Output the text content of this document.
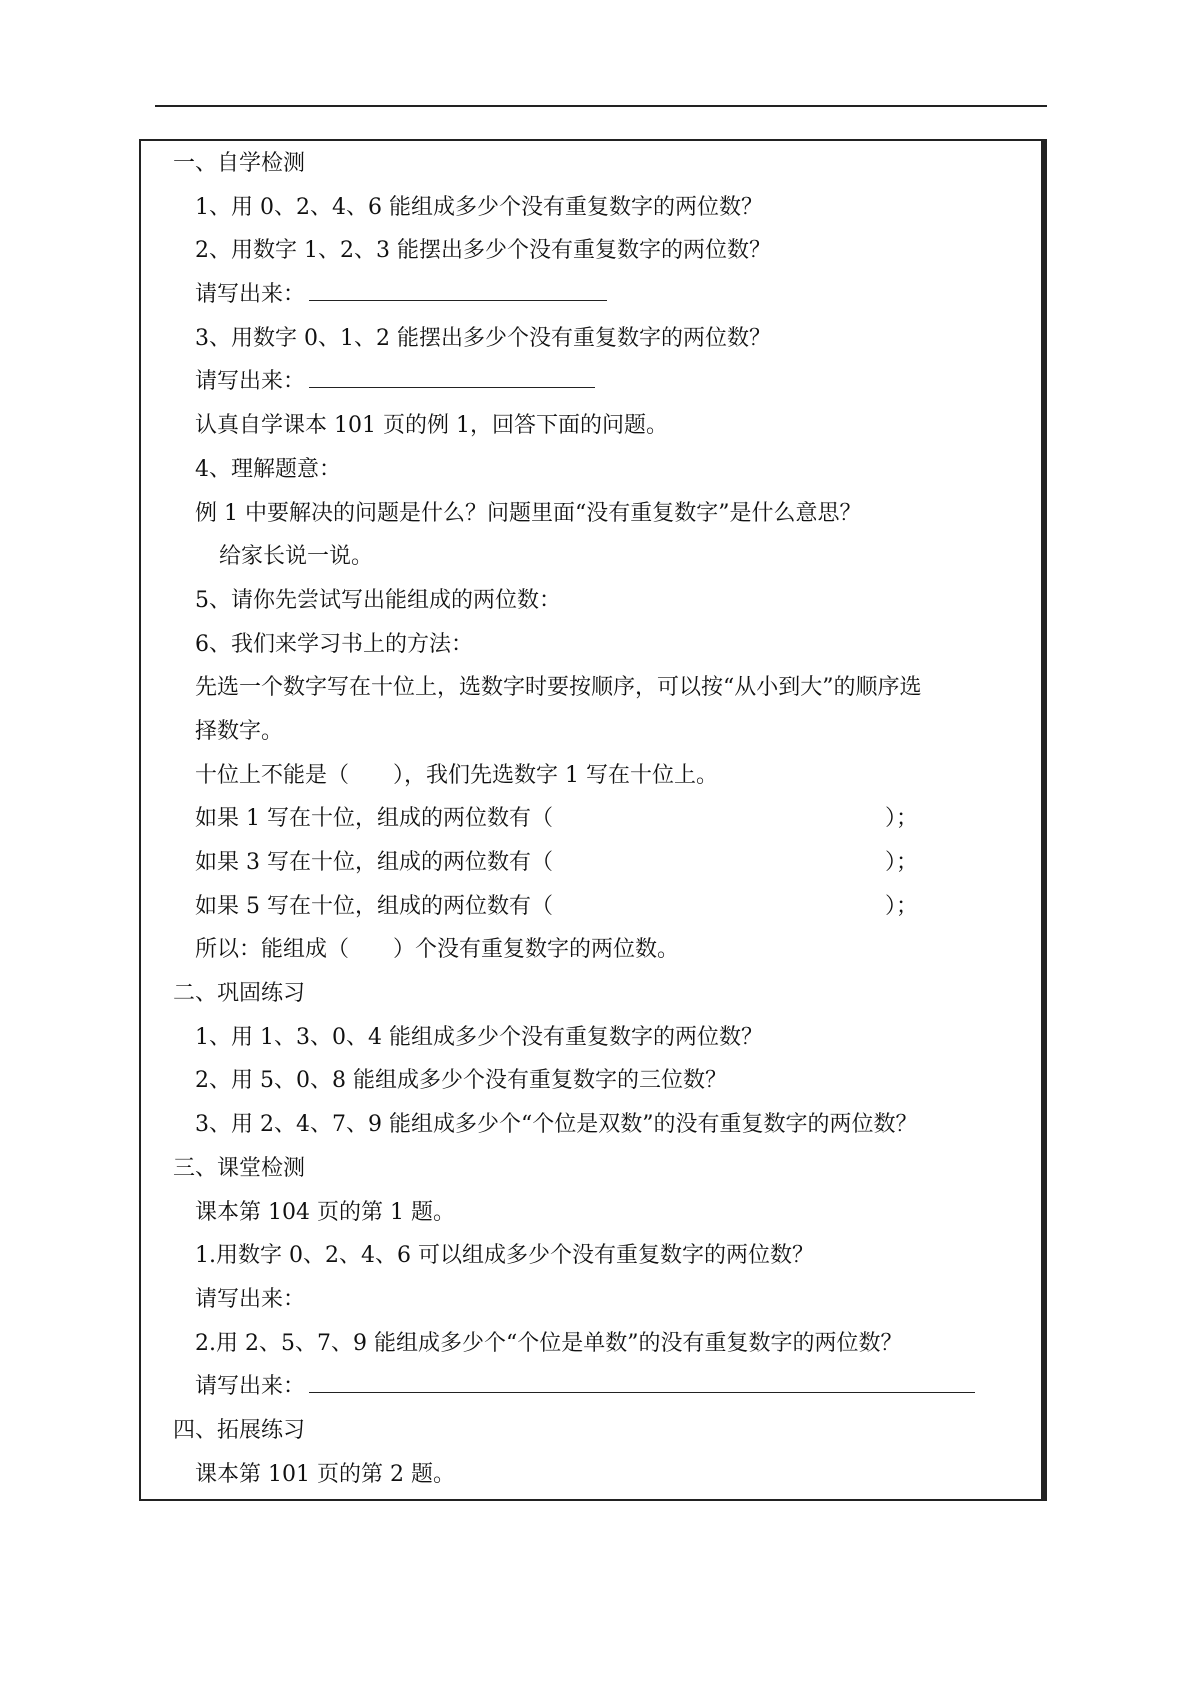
一、自学检测
1、用 0、2、4、6 能组成多少个没有重复数字的两位数？
2、用数字 1、2、3 能摆出多少个没有重复数字的两位数？
请写出来：
3、用数字 0、1、2 能摆出多少个没有重复数字的两位数？
请写出来：
认真自学课本 101 页的例 1，回答下面的问题。
4、理解题意：
例 1 中要解决的问题是什么？问题里面“没有重复数字”是什么意思？
给家长说一说。
5、请你先尝试写出能组成的两位数：
6、我们来学习书上的方法：
先选一个数字写在十位上，选数字时要按顺序，可以按“从小到大”的顺序选
择数字。
十位上不能是（　　），我们先选数字 1 写在十位上。
如果 1 写在十位，组成的两位数有（	）；
如果 3 写在十位，组成的两位数有（	）；
如果 5 写在十位，组成的两位数有（	）；
所以：能组成（　　）个没有重复数字的两位数。
二、巩固练习
1、用 1、3、0、4 能组成多少个没有重复数字的两位数？
2、用 5、0、8 能组成多少个没有重复数字的三位数？
3、用 2、4、7、9 能组成多少个“个位是双数”的没有重复数字的两位数？
三、课堂检测
课本第 104 页的第 1 题。
1.用数字 0、2、4、6 可以组成多少个没有重复数字的两位数？
请写出来：
2.用 2、5、7、9 能组成多少个“个位是单数”的没有重复数字的两位数？
请写出来：
四、拓展练习
课本第 101 页的第 2 题。
